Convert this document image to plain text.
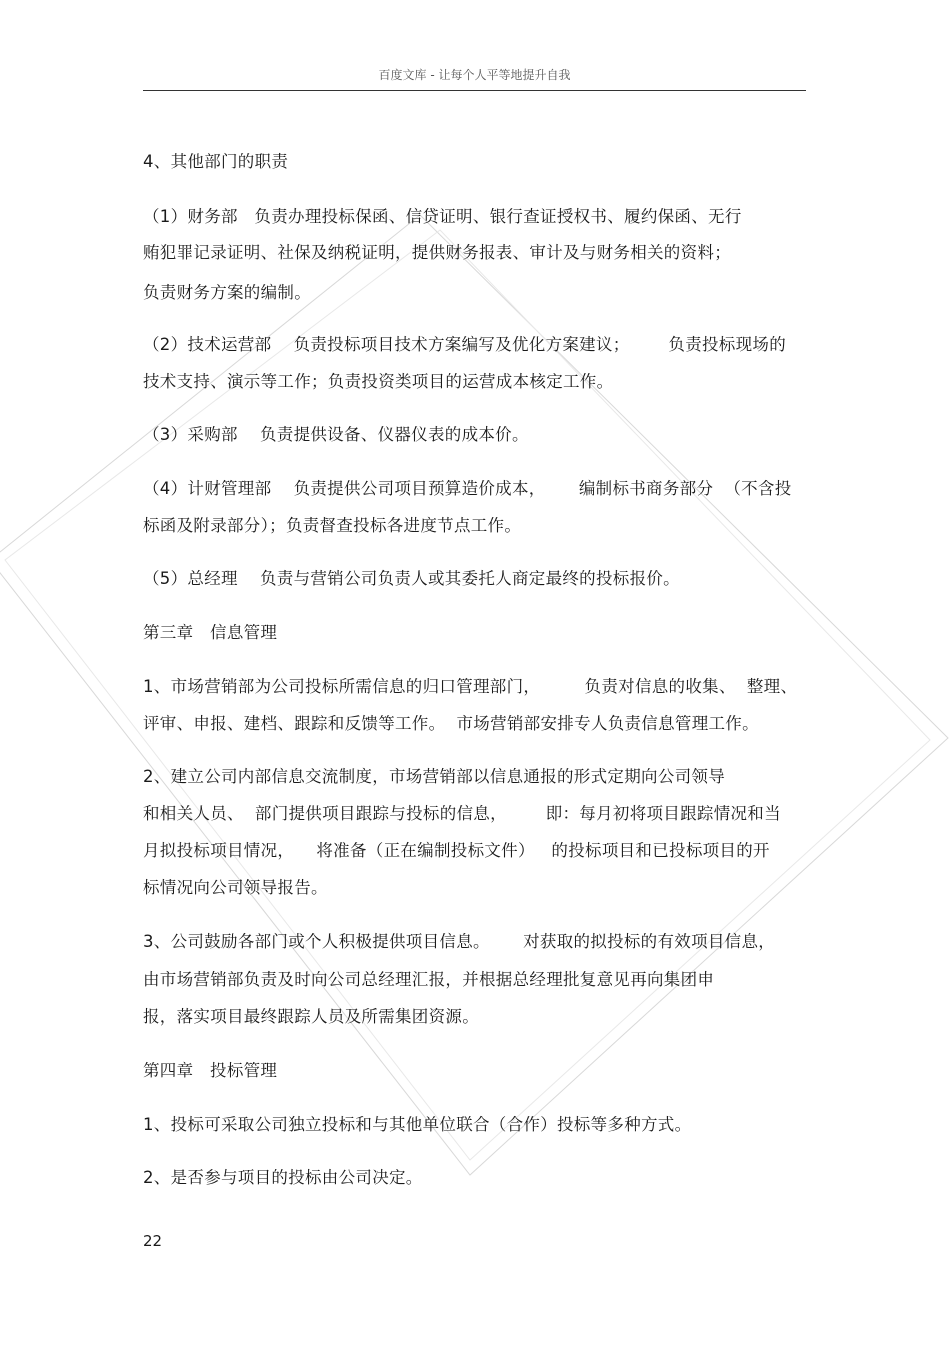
百度文库 - 让每个人平等地提升自我
4、其他部门的职责
（1）财务部   负责办理投标保函、信贷证明、银行查证授权书、履约保函、无行
贿犯罪记录证明、社保及纳税证明，提供财务报表、审计及与财务相关的资料；
负责财务方案的编制。
（2）技术运营部    负责投标项目技术方案编写及优化方案建议；       负责投标现场的
技术支持、演示等工作；负责投资类项目的运营成本核定工作。
（3）采购部    负责提供设备、仪器仪表的成本价。
（4）计财管理部    负责提供公司项目预算造价成本，      编制标书商务部分  （不含投
标函及附录部分）；负责督查投标各进度节点工作。
（5）总经理    负责与营销公司负责人或其委托人商定最终的投标报价。
第三章   信息管理
1、市场营销部为公司投标所需信息的归口管理部门，        负责对信息的收集、  整理、
评审、申报、建档、跟踪和反馈等工作。  市场营销部安排专人负责信息管理工作。
2、建立公司内部信息交流制度，市场营销部以信息通报的形式定期向公司领导
和相关人员、  部门提供项目跟踪与投标的信息，       即：每月初将项目跟踪情况和当
月拟投标项目情况，    将准备（正在编制投标文件）   的投标项目和已投标项目的开
标情况向公司领导报告。
3、公司鼓励各部门或个人积极提供项目信息。      对获取的拟投标的有效项目信息，
由市场营销部负责及时向公司总经理汇报，并根据总经理批复意见再向集团申
报，落实项目最终跟踪人员及所需集团资源。
第四章   投标管理
1、投标可采取公司独立投标和与其他单位联合（合作）投标等多种方式。
2、是否参与项目的投标由公司决定。
22
